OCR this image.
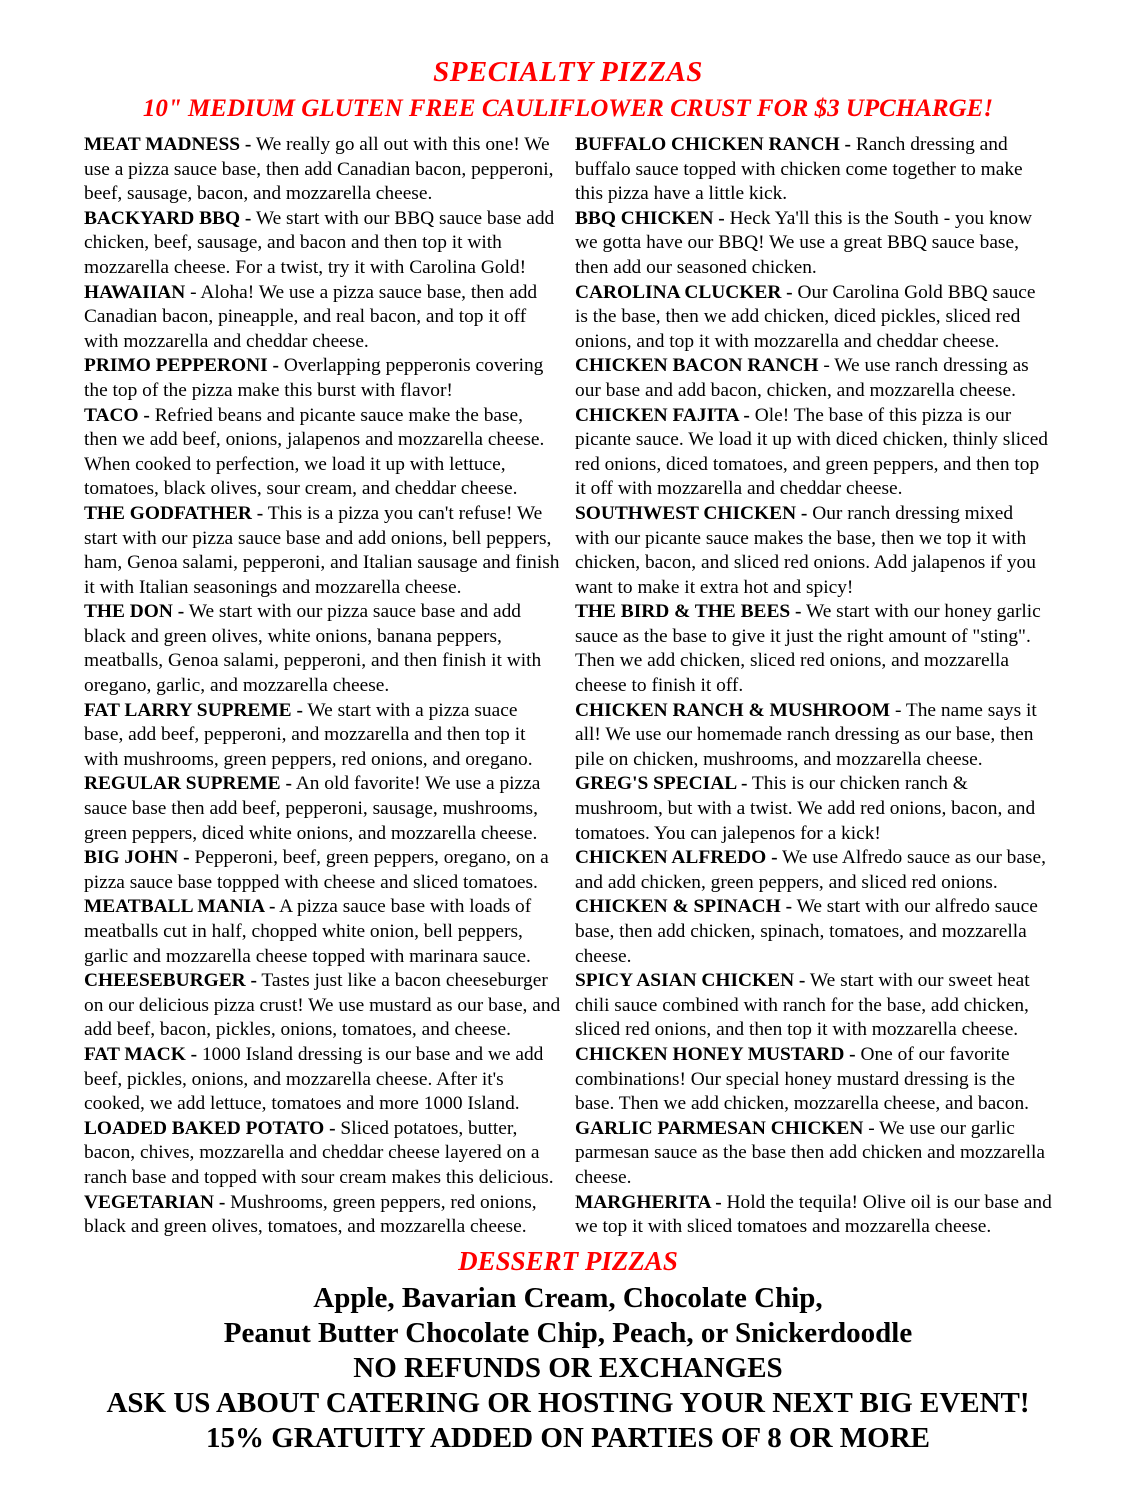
SPECIALTY PIZZAS
10" MEDIUM GLUTEN FREE CAULIFLOWER CRUST FOR $3 UPCHARGE!

MEAT MADNESS - We really go all out with this one! We use a pizza sauce base, then add Canadian bacon, pepperoni, beef, sausage, bacon, and mozzarella cheese.

BACKYARD BBQ - We start with our BBQ sauce base add chicken, beef, sausage, and bacon and then top it with mozzarella cheese. For a twist, try it with Carolina Gold!

HAWAIIAN - Aloha! We use a pizza sauce base, then add Canadian bacon, pineapple, and real bacon, and top it off with mozzarella and cheddar cheese.

PRIMO PEPPERONI - Overlapping pepperonis covering the top of the pizza make this burst with flavor!

TACO - Refried beans and picante sauce make the base, then we add beef, onions, jalapenos and mozzarella cheese. When cooked to perfection, we load it up with lettuce, tomatoes, black olives, sour cream, and cheddar cheese.

THE GODFATHER - This is a pizza you can't refuse! We start with our pizza sauce base and add onions, bell peppers, ham, Genoa salami, pepperoni, and Italian sausage and finish it with Italian seasonings and mozzarella cheese.

THE DON - We start with our pizza sauce base and add black and green olives, white onions, banana peppers, meatballs, Genoa salami, pepperoni, and then finish it with oregano, garlic, and mozzarella cheese.

FAT LARRY SUPREME - We start with a pizza suace base, add beef, pepperoni, and mozzarella and then top it with mushrooms, green peppers, red onions, and oregano.

REGULAR SUPREME - An old favorite! We use a pizza sauce base then add beef, pepperoni, sausage, mushrooms, green peppers, diced white onions, and mozzarella cheese.

BIG JOHN - Pepperoni, beef, green peppers, oregano, on a pizza sauce base toppped with cheese and sliced tomatoes.

MEATBALL MANIA - A pizza sauce base with loads of meatballs cut in half, chopped white onion, bell peppers, garlic and mozzarella cheese topped with marinara sauce.

CHEESEBURGER - Tastes just like a bacon cheeseburger on our delicious pizza crust! We use mustard as our base, and add beef, bacon, pickles, onions, tomatoes, and cheese.

FAT MACK - 1000 Island dressing is our base and we add beef, pickles, onions, and mozzarella cheese. After it's cooked, we add lettuce, tomatoes and more 1000 Island.

LOADED BAKED POTATO - Sliced potatoes, butter, bacon, chives, mozzarella and cheddar cheese layered on a ranch base and topped with sour cream makes this delicious.

VEGETARIAN - Mushrooms, green peppers, red onions, black and green olives, tomatoes, and mozzarella cheese.

BUFFALO CHICKEN RANCH - Ranch dressing and buffalo sauce topped with chicken come together to make this pizza have a little kick.

BBQ CHICKEN - Heck Ya'll this is the South - you know we gotta have our BBQ! We use a great BBQ sauce base, then add our seasoned chicken.

CAROLINA CLUCKER - Our Carolina Gold BBQ sauce is the base, then we add chicken, diced pickles, sliced red onions, and top it with mozzarella and cheddar cheese.

CHICKEN BACON RANCH - We use ranch dressing as our base and add bacon, chicken, and mozzarella cheese.

CHICKEN FAJITA - Ole! The base of this pizza is our picante sauce. We load it up with diced chicken, thinly sliced red onions, diced tomatoes, and green peppers, and then top it off with mozzarella and cheddar cheese.

SOUTHWEST CHICKEN - Our ranch dressing mixed with our picante sauce makes the base, then we top it with chicken, bacon, and sliced red onions. Add jalapenos if you want to make it extra hot and spicy!

THE BIRD & THE BEES - We start with our honey garlic sauce as the base to give it just the right amount of "sting". Then we add chicken, sliced red onions, and mozzarella cheese to finish it off.

CHICKEN RANCH & MUSHROOM - The name says it all! We use our homemade ranch dressing as our base, then pile on chicken, mushrooms, and mozzarella cheese.

GREG'S SPECIAL - This is our chicken ranch & mushroom, but with a twist. We add red onions, bacon, and tomatoes. You can jalepenos for a kick!

CHICKEN ALFREDO - We use Alfredo sauce as our base, and add chicken, green peppers, and sliced red onions.

CHICKEN & SPINACH - We start with our alfredo sauce base, then add chicken, spinach, tomatoes, and mozzarella cheese.

SPICY ASIAN CHICKEN - We start with our sweet heat chili sauce combined with ranch for the base, add chicken, sliced red onions, and then top it with mozzarella cheese.

CHICKEN HONEY MUSTARD - One of our favorite combinations! Our special honey mustard dressing is the base. Then we add chicken, mozzarella cheese, and bacon.

GARLIC PARMESAN CHICKEN - We use our garlic parmesan sauce as the base then add chicken and mozzarella cheese.

MARGHERITA - Hold the tequila! Olive oil is our base and we top it with sliced tomatoes and mozzarella cheese.

DESSERT PIZZAS

Apple, Bavarian Cream, Chocolate Chip,

Peanut Butter Chocolate Chip, Peach, or Snickerdoodle

NO REFUNDS OR EXCHANGES

ASK US ABOUT CATERING OR HOSTING YOUR NEXT BIG EVENT!

15% GRATUITY ADDED ON PARTIES OF 8 OR MORE
